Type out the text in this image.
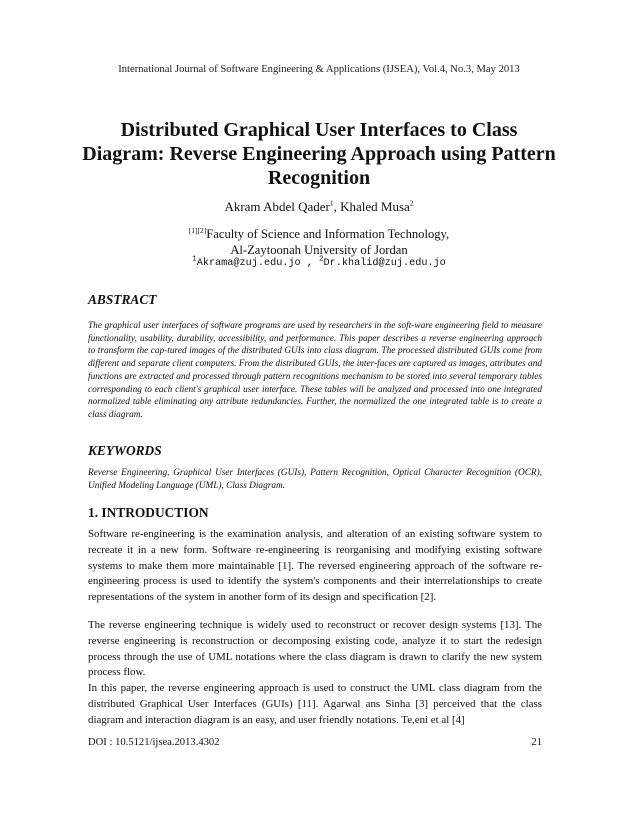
International Journal of Software Engineering & Applications (IJSEA), Vol.4, No.3, May 2013
Distributed Graphical User Interfaces to Class Diagram: Reverse Engineering Approach using Pattern Recognition
Akram Abdel Qader$^1$, Khaled Musa$^2$
[1][2]Faculty of Science and Information Technology,
Al-Zaytoonah University of Jordan
$^1$Akrama@zuj.edu.jo , $^2$Dr.khalid@zuj.edu.jo
ABSTRACT
The graphical user interfaces of software programs are used by researchers in the soft-ware engineering field to measure functionality, usability, durability, accessibility, and performance. This paper describes a reverse engineering approach to transform the cap-tured images of the distributed GUIs into class diagram. The processed distributed GUIs come from different and separate client computers. From the distributed GUIs, the inter-faces are captured as images, attributes and functions are extracted and processed through pattern recognitions mechanism to be stored into several temporary tables corresponding to each client's graphical user interface. These tables will be analyzed and processed into one integrated normalized table eliminating any attribute redundancies. Further, the normalized the one integrated table is to create a class diagram.
KEYWORDS
Reverse Engineering, Graphical User Interfaces (GUIs), Pattern Recognition, Optical Character Recognition (OCR), Unified Modeling Language (UML), Class Diagram.
1. INTRODUCTION
Software re-engineering is the examination analysis, and alteration of an existing software system to recreate it in a new form. Software re-engineering is reorganising and modifying existing software systems to make them more maintainable [1]. The reversed engineering approach of the software re-engineering process is used to identify the system's components and their interrelationships to create representations of the system in another form of its design and specification [2].
The reverse engineering technique is widely used to reconstruct or recover design systems [13]. The reverse engineering is reconstruction or decomposing existing code, analyze it to start the redesign process through the use of UML notations where the class diagram is drawn to clarify the new system process flow.
In this paper, the reverse engineering approach is used to construct the UML class diagram from the distributed Graphical User Interfaces (GUIs) [11]. Agarwal ans Sinha [3] perceived that the class diagram and interaction diagram is an easy, and user friendly notations. Te,eni et al [4]
DOI : 10.5121/ijsea.2013.4302	21
